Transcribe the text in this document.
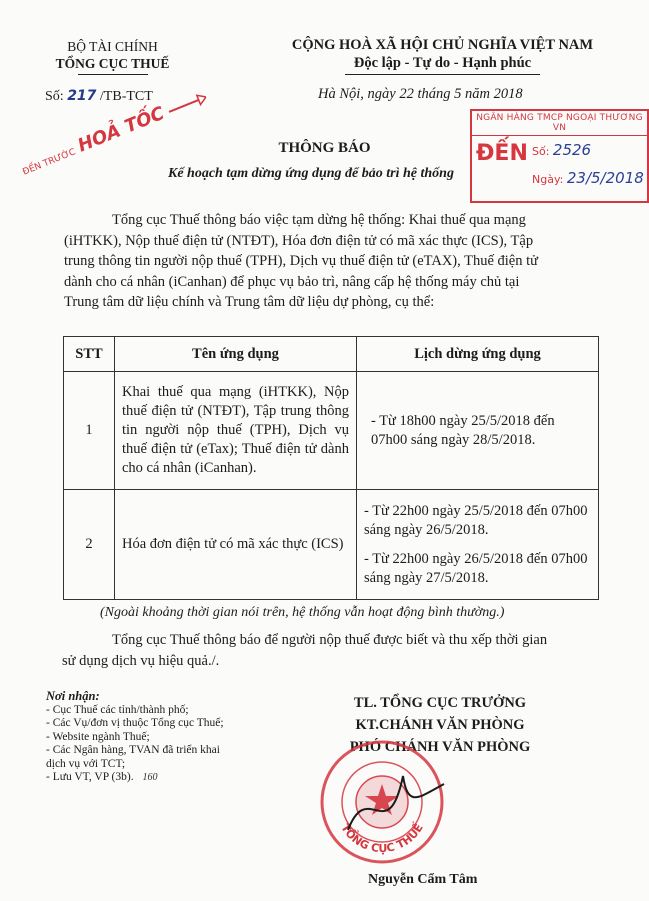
BỘ TÀI CHÍNH
TỔNG CỤC THUẾ
CỘNG HOÀ XÃ HỘI CHỦ NGHĨA VIỆT NAM
Độc lập - Tự do - Hạnh phúc
Số: 217 /TB-TCT	Hà Nội, ngày 22 tháng 5 năm 2018
ĐẾN TRƯỚC HOẢ TỐC	NGÂN HÀNG TMCP NGOẠI THƯƠNG VN
ĐẾN Số: 2526
Ngày: 23/5/2018
THÔNG BÁO
Kế hoạch tạm dừng ứng dụng để bảo trì hệ thống
Tổng cục Thuế thông báo việc tạm dừng hệ thống: Khai thuế qua mạng
(iHTKK), Nộp thuế điện tử (NTĐT), Hóa đơn điện tử có mã xác thực (ICS), Tập
trung thông tin người nộp thuế (TPH), Dịch vụ thuế điện tử (eTAX), Thuế điện tử
dành cho cá nhân (iCanhan) để phục vụ bảo trì, nâng cấp hệ thống máy chủ tại
Trung tâm dữ liệu chính và Trung tâm dữ liệu dự phòng, cụ thể:
STT	Tên ứng dụng	Lịch dừng ứng dụng
1	Khai thuế qua mạng (iHTKK), Nộp thuế điện tử (NTĐT), Tập trung thông tin người nộp thuế (TPH), Dịch vụ thuế điện tử (eTax); Thuế điện tử dành cho cá nhân (iCanhan).	- Từ 18h00 ngày 25/5/2018 đến 07h00 sáng ngày 28/5/2018.
2	Hóa đơn điện tử có mã xác thực (ICS)	- Từ 22h00 ngày 25/5/2018 đến 07h00 sáng ngày 26/5/2018.
- Từ 22h00 ngày 26/5/2018 đến 07h00 sáng ngày 27/5/2018.
(Ngoài khoảng thời gian nói trên, hệ thống vẫn hoạt động bình thường.)
Tổng cục Thuế thông báo để người nộp thuế được biết và thu xếp thời gian
sử dụng dịch vụ hiệu quả./.
Nơi nhận:
- Cục Thuế các tỉnh/thành phố;
- Các Vụ/đơn vị thuộc Tổng cục Thuế;
- Website ngành Thuế;
- Các Ngân hàng, TVAN đã triển khai dịch vụ với TCT;
- Lưu VT, VP (3b). 160
TL. TỔNG CỤC TRƯỞNG
KT.CHÁNH VĂN PHÒNG
PHÓ CHÁNH VĂN PHÒNG
TỔNG CỤC THUẾ
Nguyễn Cẩm Tâm
